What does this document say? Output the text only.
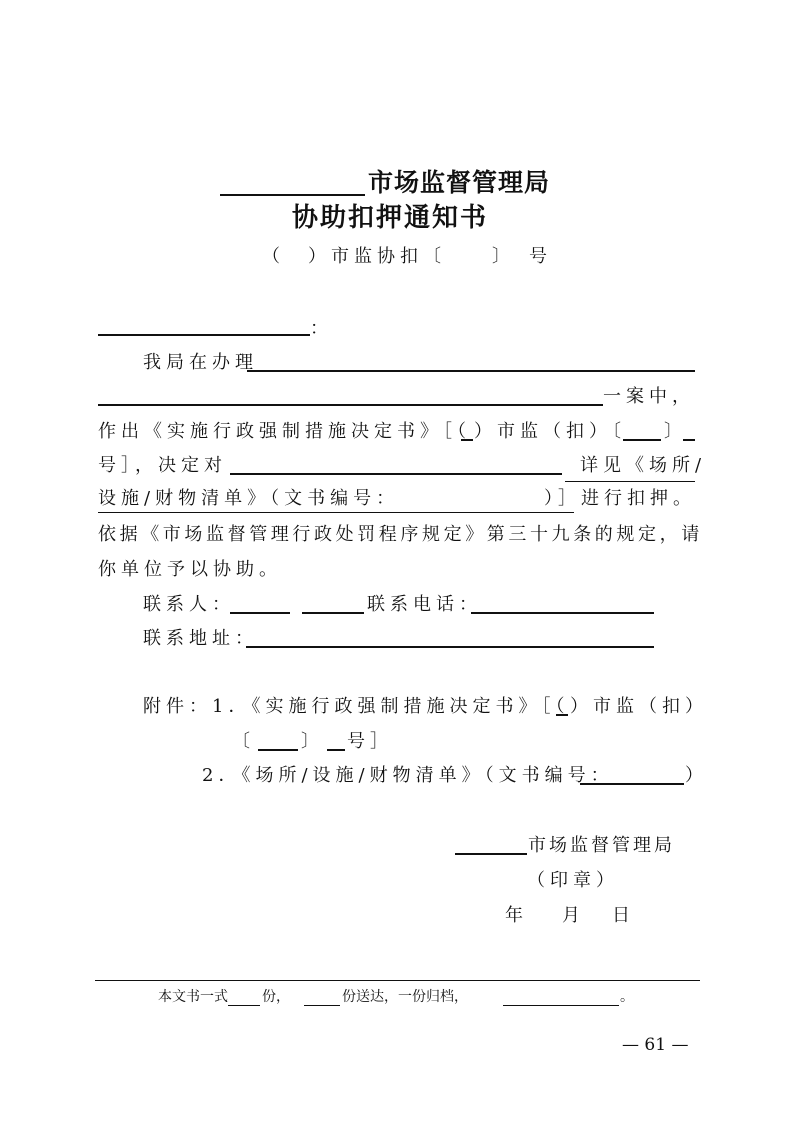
市场监督管理局
协助扣押通知书
（　）市监协扣〔　　〕　号
：
我局在办理
一案中，
作出《实施行政强制措施决定书》［（ ）市监（扣）〔 〕
号］，决定对	详见《场所/
设施/财物清单》（文书编号：	）］进行扣押。
依据《市场监督管理行政处罚程序规定》第三十九条的规定，请
你单位予以协助。
联系人：	联系电话：
联系地址：
附件：1．《实施行政强制措施决定书》［（ ）市监（扣）
〔	〕 号］
2．《场所/设施/财物清单》（文书编号：	）
市场监督管理局
（印章）
年 月 日
本文书一式 份，	份送达，一份归档，	。
— 61 —
